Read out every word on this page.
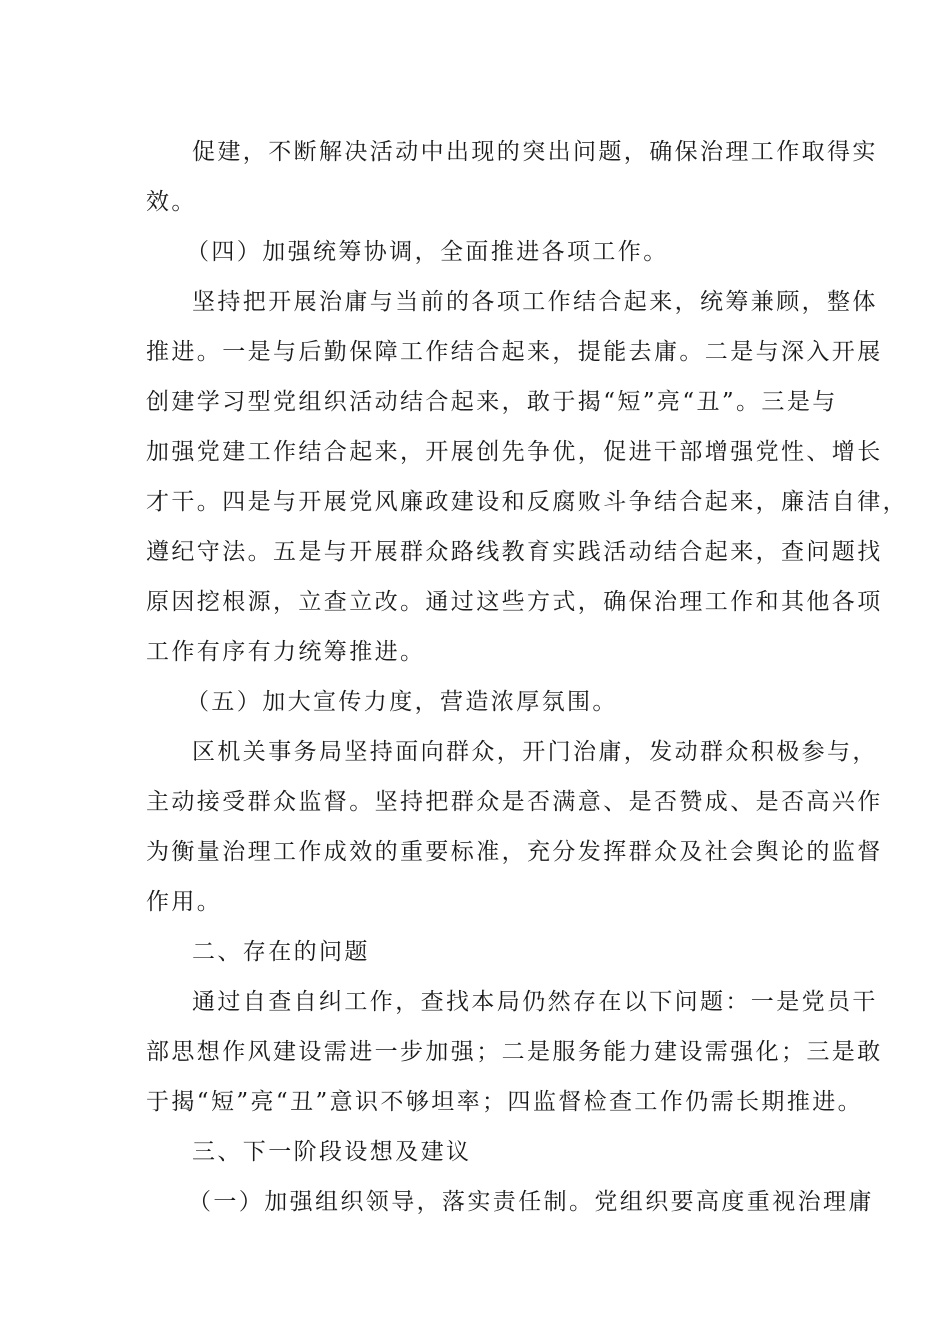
促建，不断解决活动中出现的突出问题，确保治理工作取得实
效。
（四）加强统筹协调，全面推进各项工作。
坚持把开展治庸与当前的各项工作结合起来，统筹兼顾，整体
推进。一是与后勤保障工作结合起来，提能去庸。二是与深入开展
创建学习型党组织活动结合起来，敢于揭“短”亮“丑”。三是与
加强党建工作结合起来，开展创先争优，促进干部增强党性、增长
才干。四是与开展党风廉政建设和反腐败斗争结合起来，廉洁自律，
遵纪守法。五是与开展群众路线教育实践活动结合起来，查问题找
原因挖根源，立查立改。通过这些方式，确保治理工作和其他各项
工作有序有力统筹推进。
（五）加大宣传力度，营造浓厚氛围。
区机关事务局坚持面向群众，开门治庸，发动群众积极参与，
主动接受群众监督。坚持把群众是否满意、是否赞成、是否高兴作
为衡量治理工作成效的重要标准，充分发挥群众及社会舆论的监督
作用。
二、存在的问题
通过自查自纠工作，查找本局仍然存在以下问题：一是党员干
部思想作风建设需进一步加强；二是服务能力建设需强化；三是敢
于揭“短”亮“丑”意识不够坦率；四监督检查工作仍需长期推进。
三、下一阶段设想及建议
（一）加强组织领导，落实责任制。党组织要高度重视治理庸
